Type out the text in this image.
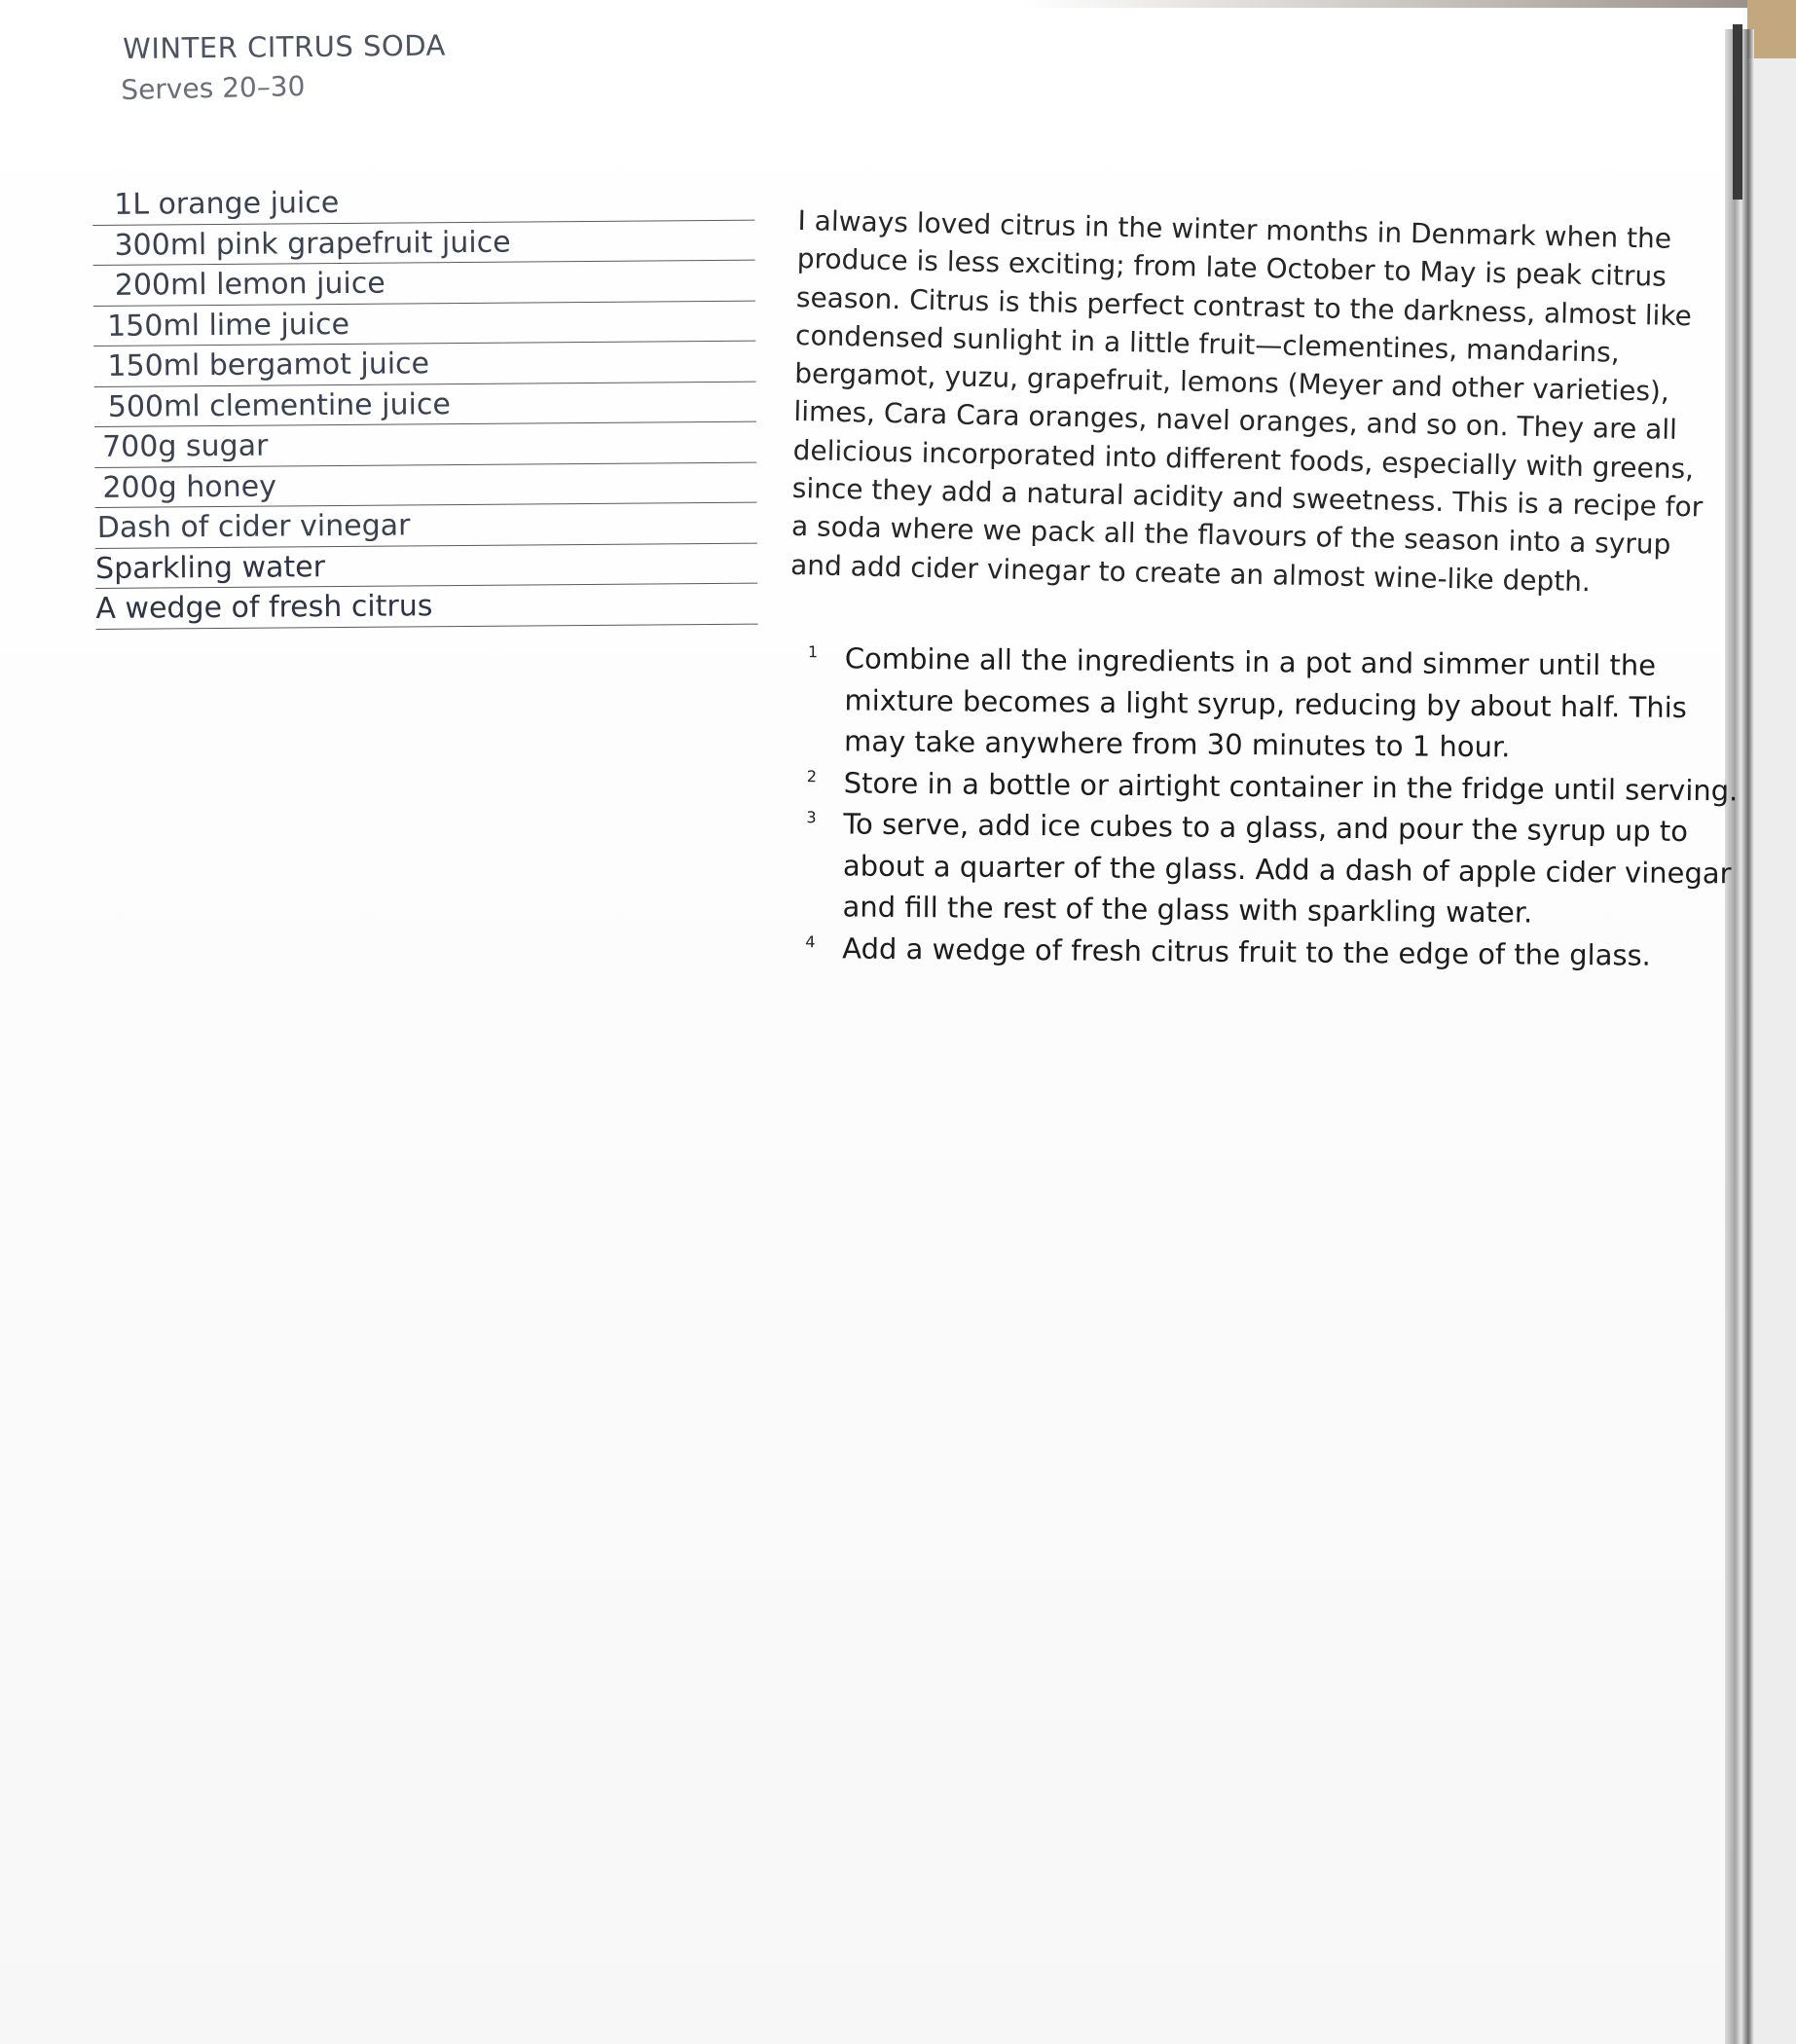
WINTER CITRUS SODA
Serves 20–30
1L orange juice
300ml pink grapefruit juice
200ml lemon juice
150ml lime juice
150ml bergamot juice
500ml clementine juice
700g sugar
200g honey
Dash of cider vinegar
Sparkling water
A wedge of fresh citrus
I always loved citrus in the winter months in Denmark when the produce is less exciting; from late October to May is peak citrus season. Citrus is this perfect contrast to the darkness, almost like condensed sunlight in a little fruit—clementines, mandarins, bergamot, yuzu, grapefruit, lemons (Meyer and other varieties), limes, Cara Cara oranges, navel oranges, and so on. They are all delicious incorporated into different foods, especially with greens, since they add a natural acidity and sweetness. This is a recipe for a soda where we pack all the flavours of the season into a syrup and add cider vinegar to create an almost wine-like depth.
1 Combine all the ingredients in a pot and simmer until the mixture becomes a light syrup, reducing by about half. This may take anywhere from 30 minutes to 1 hour.
2 Store in a bottle or airtight container in the fridge until serving.
3 To serve, add ice cubes to a glass, and pour the syrup up to about a quarter of the glass. Add a dash of apple cider vinegar and fill the rest of the glass with sparkling water.
4 Add a wedge of fresh citrus fruit to the edge of the glass.
